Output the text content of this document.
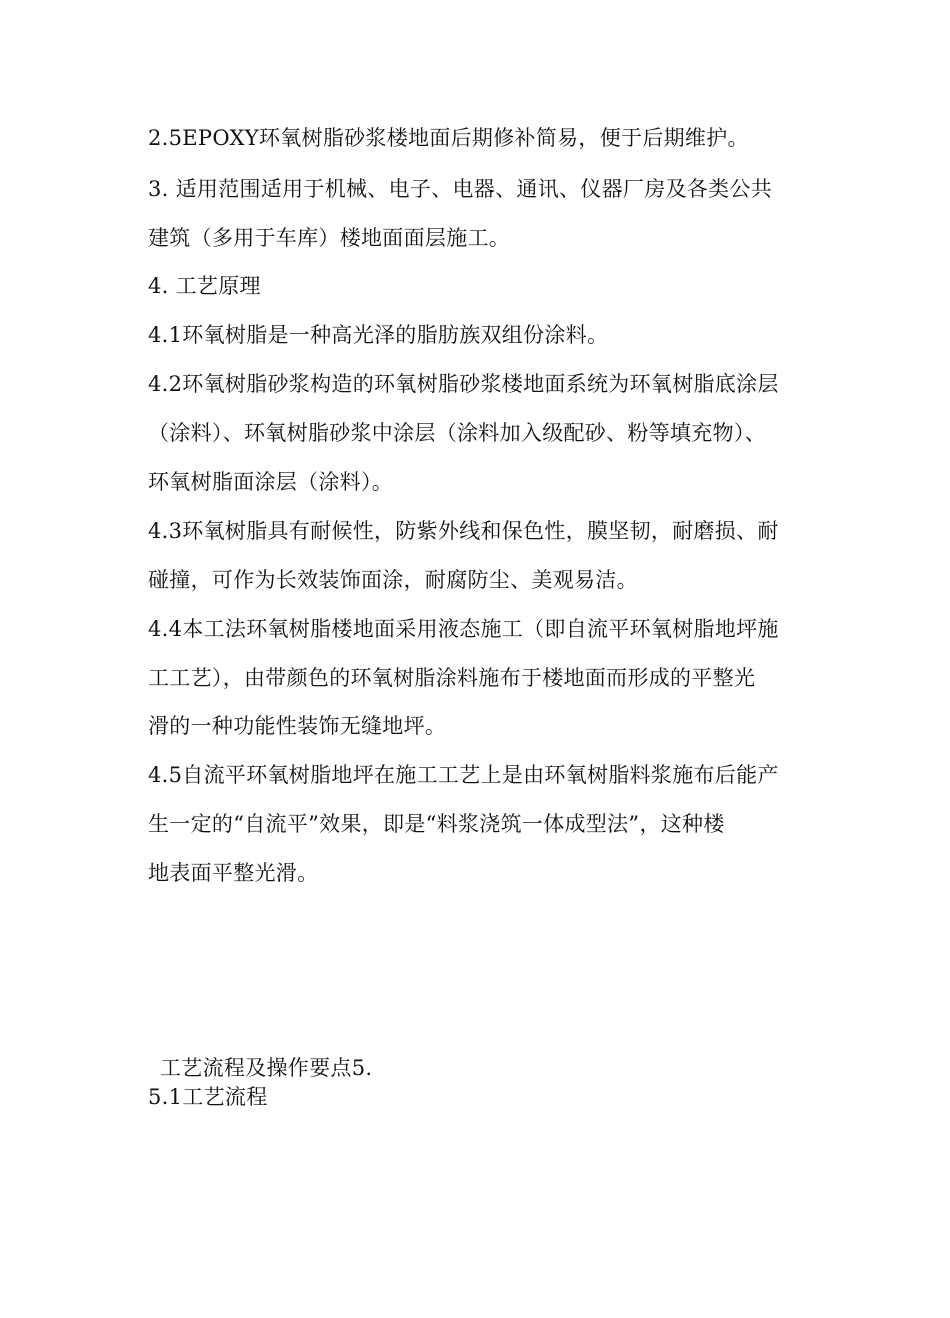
2.5EPOXY环氧树脂砂浆楼地面后期修补简易，便于后期维护。
3. 适用范围适用于机械、电子、电器、通讯、仪器厂房及各类公共
建筑（多用于车库）楼地面面层施工。
4. 工艺原理
4.1环氧树脂是一种高光泽的脂肪族双组份涂料。
4.2环氧树脂砂浆构造的环氧树脂砂浆楼地面系统为环氧树脂底涂层
（涂料）、环氧树脂砂浆中涂层（涂料加入级配砂、粉等填充物）、
环氧树脂面涂层（涂料）。
4.3环氧树脂具有耐候性，防紫外线和保色性，膜坚韧，耐磨损、耐
碰撞，可作为长效装饰面涂，耐腐防尘、美观易洁。
4.4本工法环氧树脂楼地面采用液态施工（即自流平环氧树脂地坪施
工工艺），由带颜色的环氧树脂涂料施布于楼地面而形成的平整光
滑的一种功能性装饰无缝地坪。
4.5自流平环氧树脂地坪在施工工艺上是由环氧树脂料浆施布后能产
生一定的“自流平”效果，即是“料浆浇筑一体成型法”，这种楼
地表面平整光滑。
工艺流程及操作要点5.
5.1工艺流程
